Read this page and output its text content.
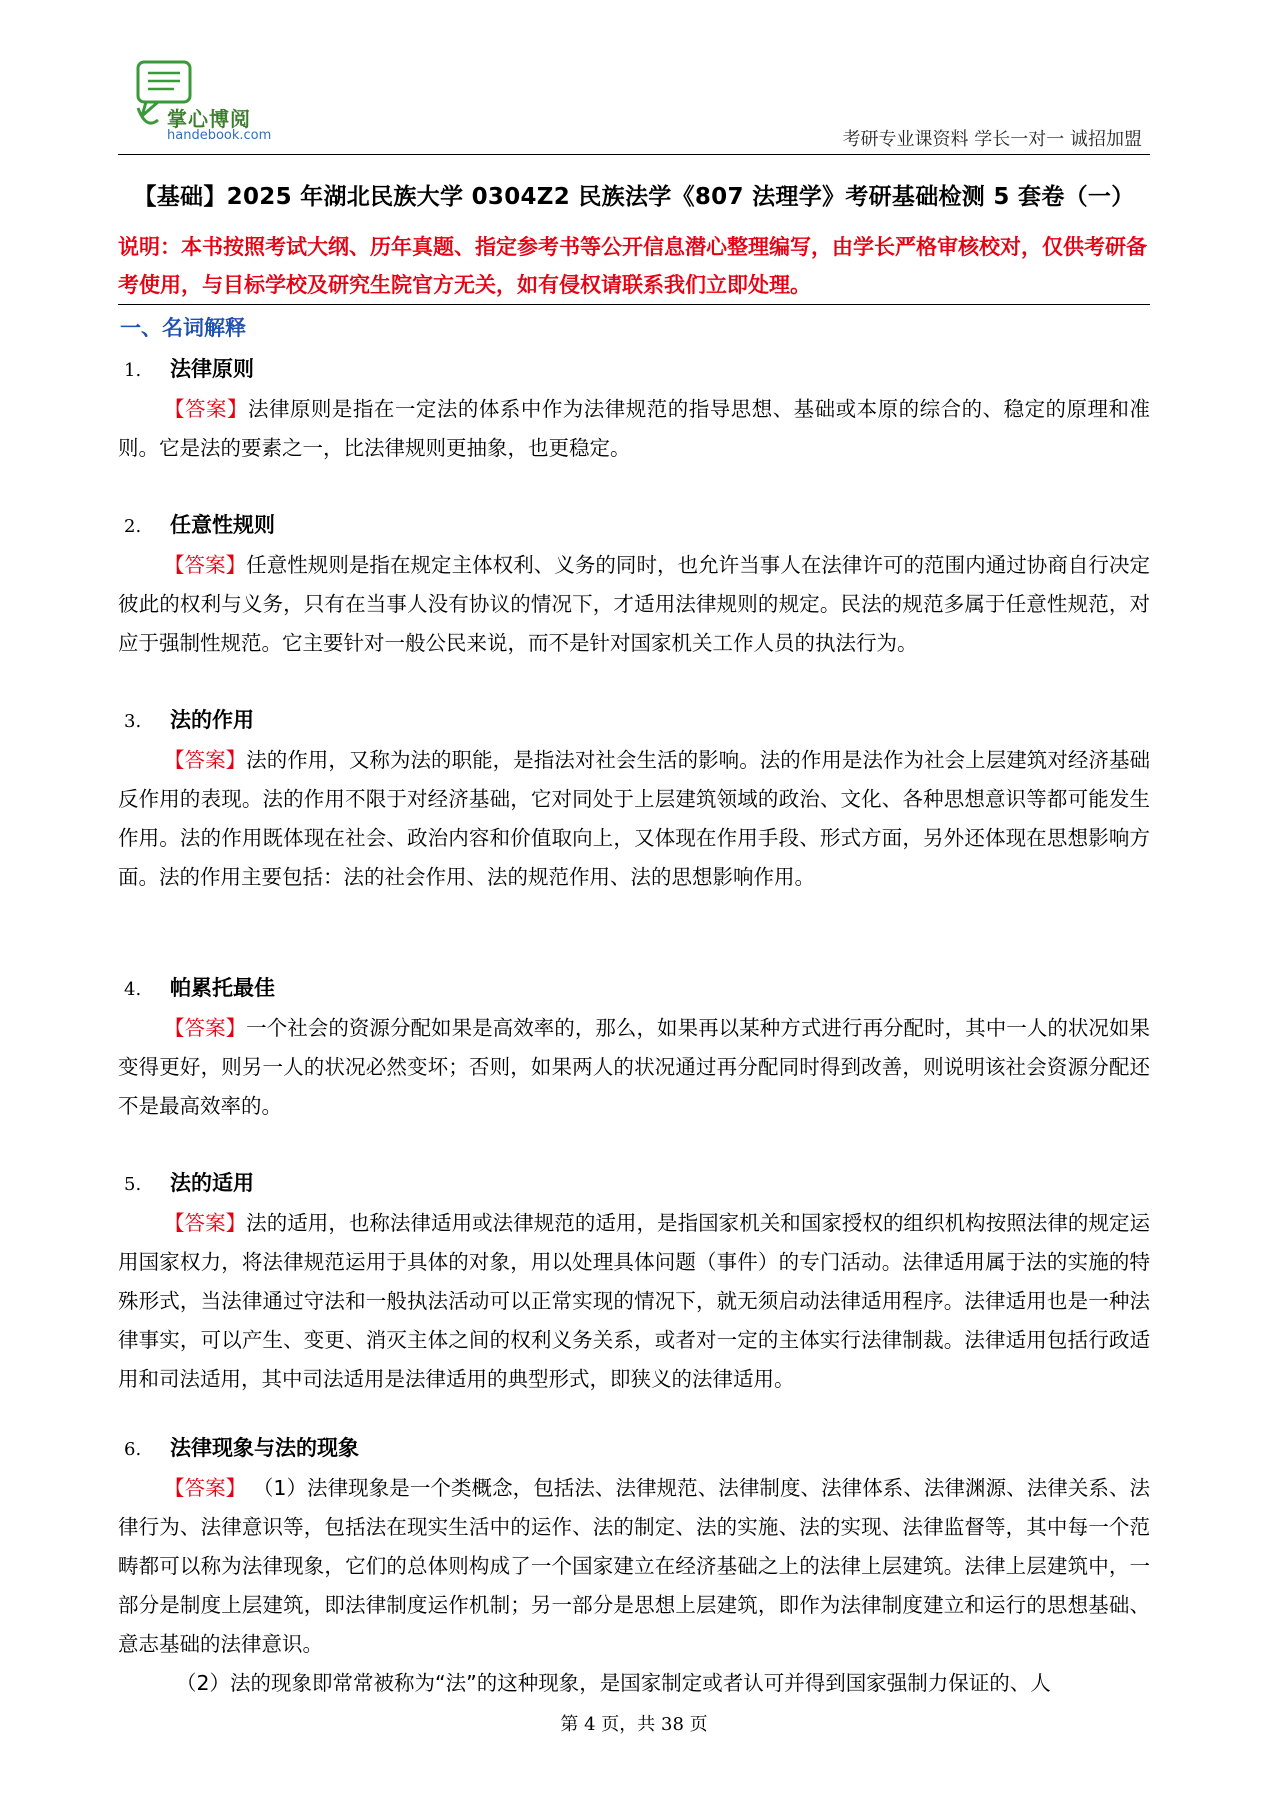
掌心博阅
handebook.com	考研专业课资料 学长一对一 诚招加盟
【基础】2025 年湖北民族大学 0304Z2 民族法学《807 法理学》考研基础检测 5 套卷（一）
说明：本书按照考试大纲、历年真题、指定参考书等公开信息潜心整理编写，由学长严格审核校对，仅供考研备考使用，与目标学校及研究生院官方无关，如有侵权请联系我们立即处理。
一、名词解释
1. 法律原则

【答案】法律原则是指在一定法的体系中作为法律规范的指导思想、基础或本原的综合的、稳定的原理和准则。它是法的要素之一，比法律规则更抽象，也更稳定。

2. 任意性规则

【答案】任意性规则是指在规定主体权利、义务的同时，也允许当事人在法律许可的范围内通过协商自行决定彼此的权利与义务，只有在当事人没有协议的情况下，才适用法律规则的规定。民法的规范多属于任意性规范，对应于强制性规范。它主要针对一般公民来说，而不是针对国家机关工作人员的执法行为。

3. 法的作用

【答案】法的作用，又称为法的职能，是指法对社会生活的影响。法的作用是法作为社会上层建筑对经济基础反作用的表现。法的作用不限于对经济基础，它对同处于上层建筑领域的政治、文化、各种思想意识等都可能发生作用。法的作用既体现在社会、政治内容和价值取向上，又体现在作用手段、形式方面，另外还体现在思想影响方面。法的作用主要包括：法的社会作用、法的规范作用、法的思想影响作用。

4. 帕累托最佳

【答案】一个社会的资源分配如果是高效率的，那么，如果再以某种方式进行再分配时，其中一人的状况如果变得更好，则另一人的状况必然变坏；否则，如果两人的状况通过再分配同时得到改善，则说明该社会资源分配还不是最高效率的。

5. 法的适用

【答案】法的适用，也称法律适用或法律规范的适用，是指国家机关和国家授权的组织机构按照法律的规定运用国家权力，将法律规范运用于具体的对象，用以处理具体问题（事件）的专门活动。法律适用属于法的实施的特殊形式，当法律通过守法和一般执法活动可以正常实现的情况下，就无须启动法律适用程序。法律适用也是一种法律事实，可以产生、变更、消灭主体之间的权利义务关系，或者对一定的主体实行法律制裁。法律适用包括行政适用和司法适用，其中司法适用是法律适用的典型形式，即狭义的法律适用。

6. 法律现象与法的现象

【答案】 （1）法律现象是一个类概念，包括法、法律规范、法律制度、法律体系、法律渊源、法律关系、法律行为、法律意识等，包括法在现实生活中的运作、法的制定、法的实施、法的实现、法律监督等，其中每一个范畴都可以称为法律现象，它们的总体则构成了一个国家建立在经济基础之上的法律上层建筑。法律上层建筑中，一部分是制度上层建筑，即法律制度运作机制；另一部分是思想上层建筑，即作为法律制度建立和运行的思想基础、意志基础的法律意识。

（2）法的现象即常常被称为“法”的这种现象，是国家制定或者认可并得到国家强制力保证的、人

第 4 页，共 38 页
